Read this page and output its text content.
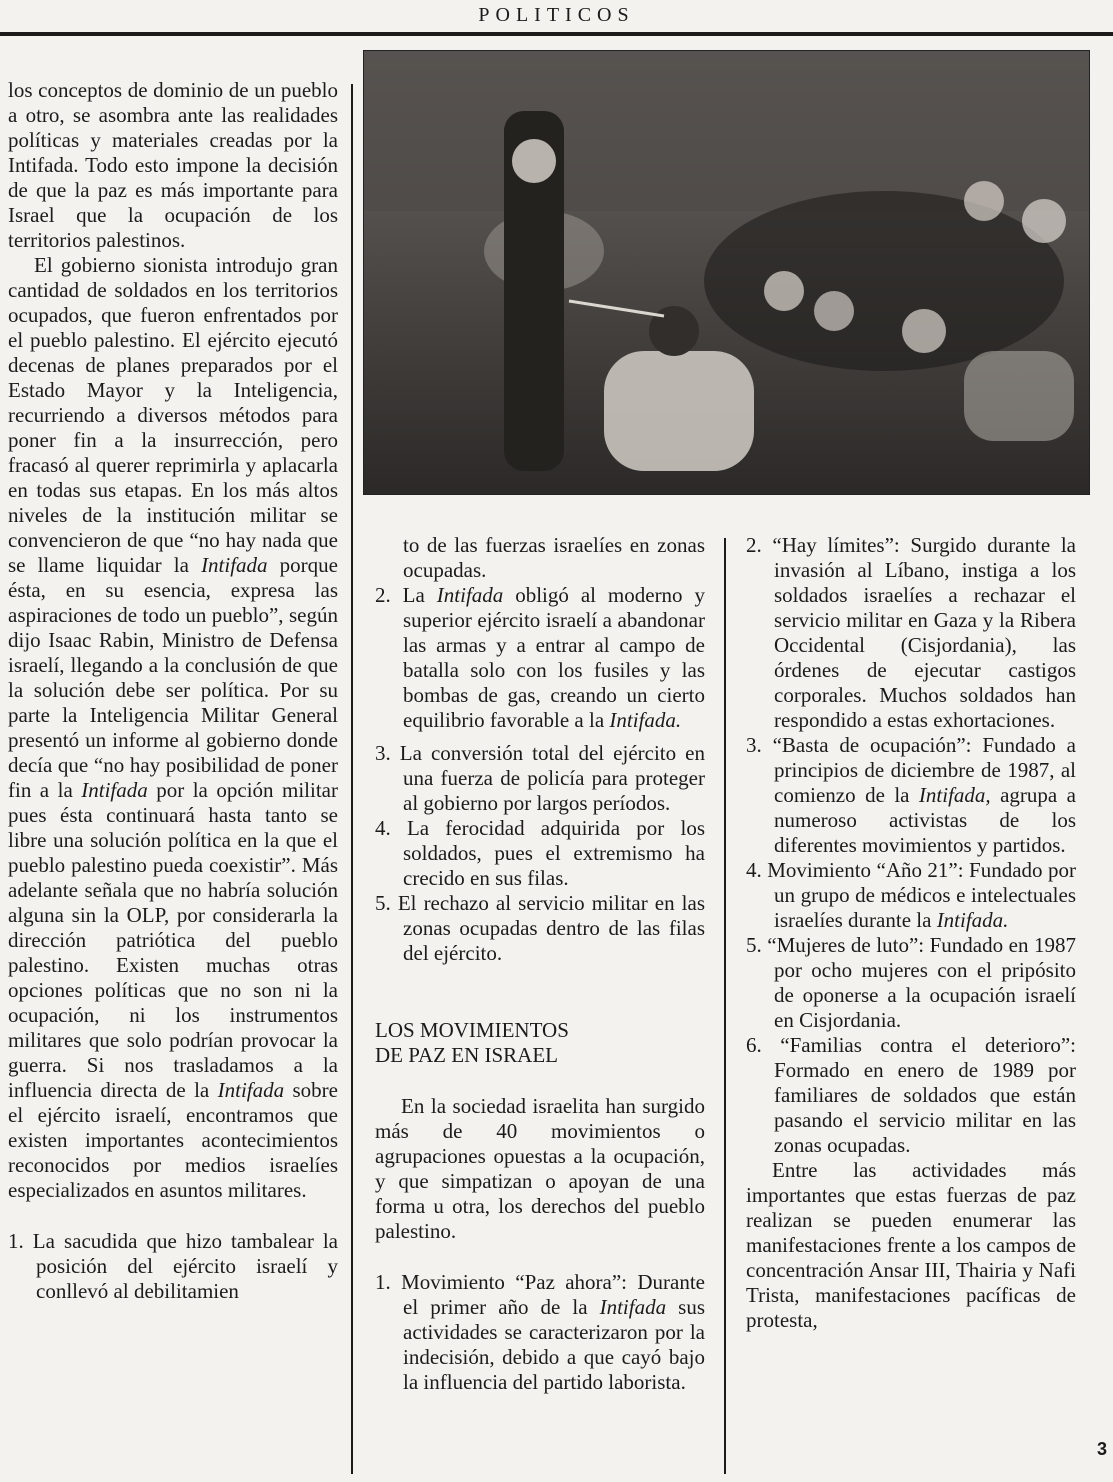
POLITICOS

los conceptos de dominio de un pueblo a otro, se asombra ante las realidades políticas y materiales creadas por la Intifada. Todo esto impone la decisión de que la paz es más importante para Israel que la ocupación de los territorios palestinos.

El gobierno sionista introdujo gran cantidad de soldados en los territorios ocupados, que fueron enfrentados por el pueblo palestino. El ejército ejecutó decenas de planes preparados por el Estado Mayor y la Inteligencia, recurriendo a diversos métodos para poner fin a la insurrección, pero fracasó al querer reprimirla y aplacarla en todas sus etapas. En los más altos niveles de la institución militar se convencieron de que “no hay nada que se llame liquidar la Intifada porque ésta, en su esencia, expresa las aspiraciones de todo un pueblo”, según dijo Isaac Rabin, Ministro de Defensa israelí, llegando a la conclusión de que la solución debe ser política. Por su parte la Inteligencia Militar General presentó un informe al gobierno donde decía que “no hay posibilidad de poner fin a la Intifada por la opción militar pues ésta continuará hasta tanto se libre una solución política en la que el pueblo palestino pueda coexistir”. Más adelante señala que no habría solución alguna sin la OLP, por considerarla la dirección patriótica del pueblo palestino. Existen muchas otras opciones políticas que no son ni la ocupación, ni los instrumentos militares que solo podrían provocar la guerra. Si nos trasladamos a la influencia directa de la Intifada sobre el ejército israelí, encontramos que existen importantes acontecimientos reconocidos por medios israelíes especializados en asuntos militares.

1. La sacudida que hizo tambalear la posición del ejército israelí y conllevó al debilitamien

to de las fuerzas israelíes en zonas ocupadas.

2. La Intifada obligó al moderno y superior ejército israelí a abandonar las armas y a entrar al campo de batalla solo con los fusiles y las bombas de gas, creando un cierto equilibrio favorable a la Intifada.

3. La conversión total del ejército en una fuerza de policía para proteger al gobierno por largos períodos.

4. La ferocidad adquirida por los soldados, pues el extremismo ha crecido en sus filas.

5. El rechazo al servicio militar en las zonas ocupadas dentro de las filas del ejército.

LOS MOVIMIENTOS
DE PAZ EN ISRAEL

En la sociedad israelita han surgido más de 40 movimientos o agrupaciones opuestas a la ocupación, y que simpatizan o apoyan de una forma u otra, los derechos del pueblo palestino.

1. Movimiento “Paz ahora”: Durante el primer año de la Intifada sus actividades se caracterizaron por la indecisión, debido a que cayó bajo la influencia del partido laborista.

2. “Hay límites”: Surgido durante la invasión al Líbano, instiga a los soldados israelíes a rechazar el servicio militar en Gaza y la Ribera Occidental (Cisjordania), las órdenes de ejecutar castigos corporales. Muchos soldados han respondido a estas exhortaciones.

3. “Basta de ocupación”: Fundado a principios de diciembre de 1987, al comienzo de la Intifada, agrupa a numeroso activistas de los diferentes movimientos y partidos.

4. Movimiento “Año 21”: Fundado por un grupo de médicos e intelectuales israelíes durante la Intifada.

5. “Mujeres de luto”: Fundado en 1987 por ocho mujeres con el pripósito de oponerse a la ocupación israelí en Cisjordania.

6. “Familias contra el deterioro”: Formado en enero de 1989 por familiares de soldados que están pasando el servicio militar en las zonas ocupadas.

Entre las actividades más importantes que estas fuerzas de paz realizan se pueden enumerar las manifestaciones frente a los campos de concentración Ansar III, Thairia y Nafi Trista, manifestaciones pacíficas de protesta,

3
